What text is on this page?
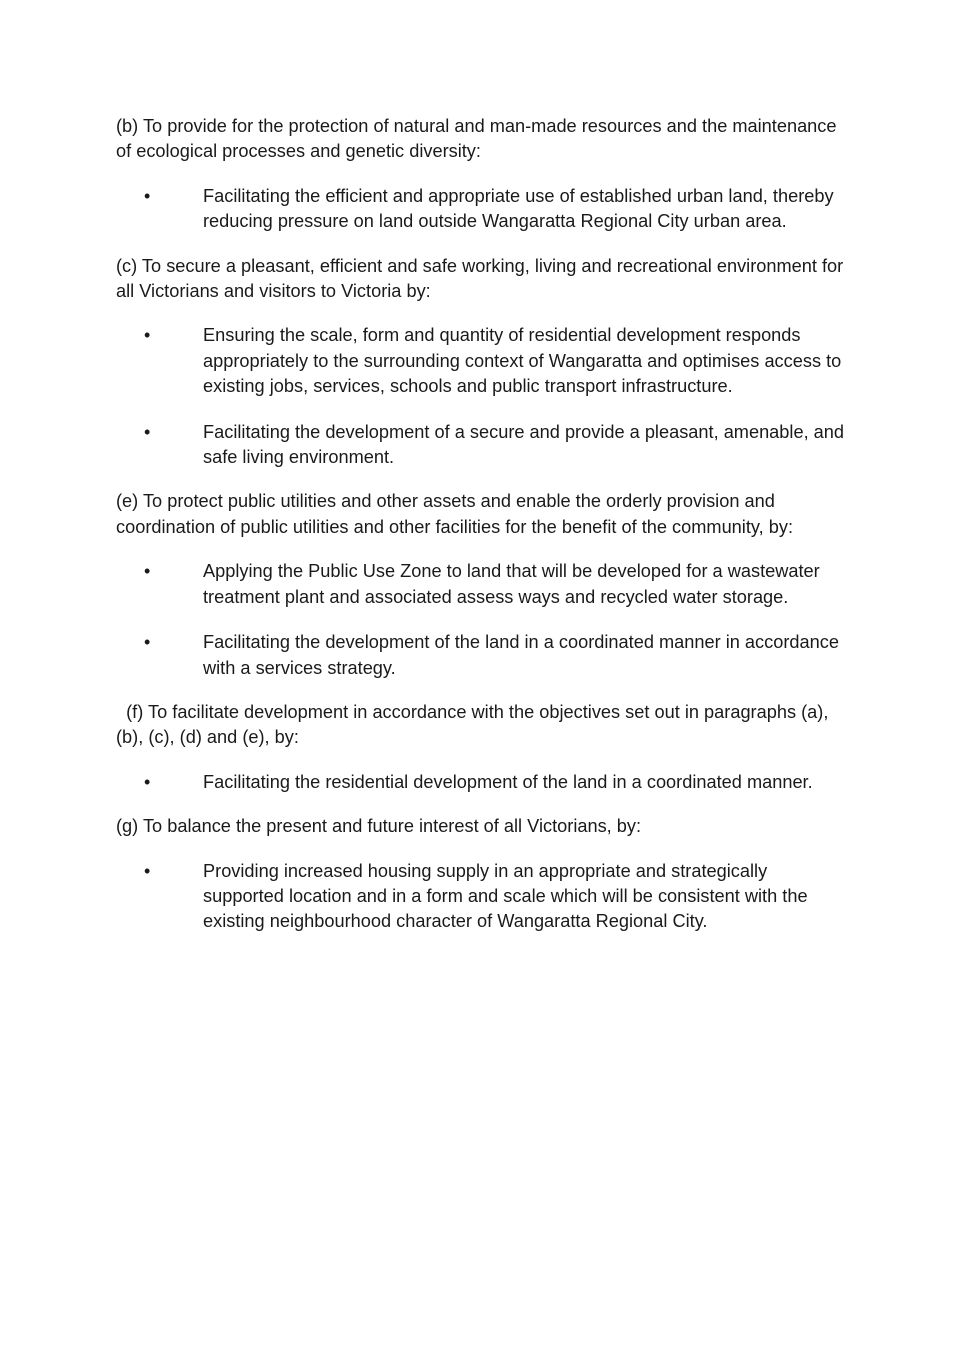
(b) To provide for the protection of natural and man-made resources and the maintenance of ecological processes and genetic diversity:

•	Facilitating the efficient and appropriate use of established urban land, thereby reducing pressure on land outside Wangaratta Regional City urban area.

(c) To secure a pleasant, efficient and safe working, living and recreational environment for all Victorians and visitors to Victoria by:

•	Ensuring the scale, form and quantity of residential development responds appropriately to the surrounding context of Wangaratta and optimises access to existing jobs, services, schools and public transport infrastructure.
•	Facilitating the development of a secure and provide a pleasant, amenable, and safe living environment.

(e) To protect public utilities and other assets and enable the orderly provision and coordination of public utilities and other facilities for the benefit of the community, by:

•	Applying the Public Use Zone to land that will be developed for a wastewater treatment plant and associated assess ways and recycled water storage.
•	Facilitating the development of the land in a coordinated manner in accordance with a services strategy.

(f) To facilitate development in accordance with the objectives set out in paragraphs (a), (b), (c), (d) and (e), by:

•	Facilitating the residential development of the land in a coordinated manner.

(g) To balance the present and future interest of all Victorians, by:

•	Providing increased housing supply in an appropriate and strategically supported location and in a form and scale which will be consistent with the existing neighbourhood character of Wangaratta Regional City.
